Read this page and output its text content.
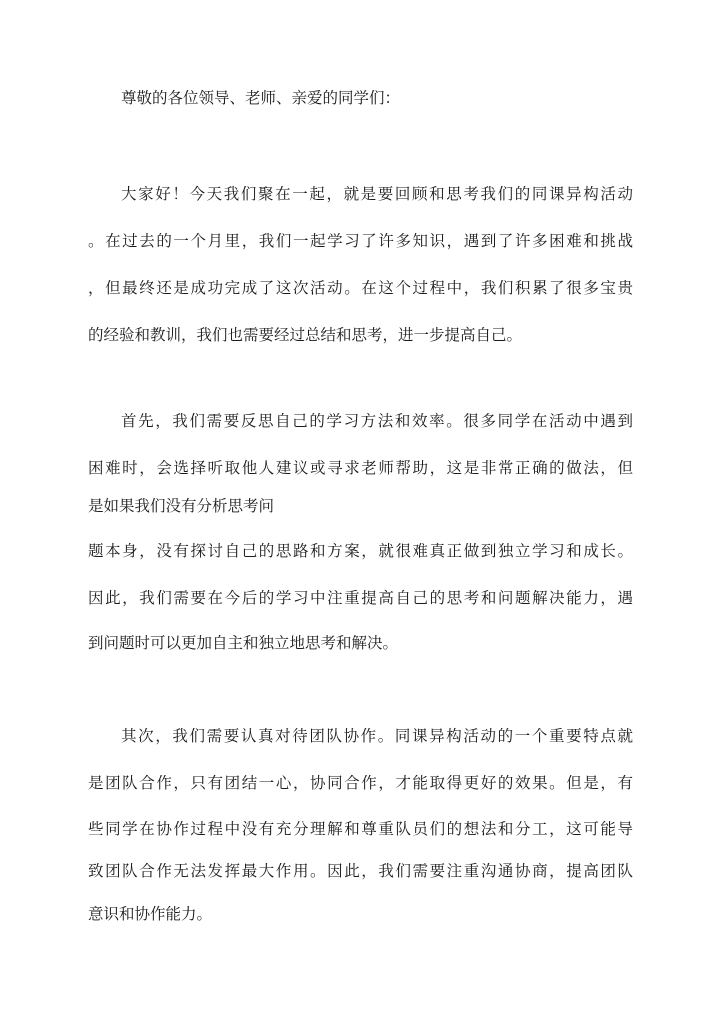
尊敬的各位领导、老师、亲爱的同学们：
大家好！今天我们聚在一起，就是要回顾和思考我们的同课异构活动
。在过去的一个月里，我们一起学习了许多知识，遇到了许多困难和挑战
，但最终还是成功完成了这次活动。在这个过程中，我们积累了很多宝贵
的经验和教训，我们也需要经过总结和思考，进一步提高自己。
首先，我们需要反思自己的学习方法和效率。很多同学在活动中遇到
困难时，会选择听取他人建议或寻求老师帮助，这是非常正确的做法，但
是如果我们没有分析思考问
题本身，没有探讨自己的思路和方案，就很难真正做到独立学习和成长。
因此，我们需要在今后的学习中注重提高自己的思考和问题解决能力，遇
到问题时可以更加自主和独立地思考和解决。
其次，我们需要认真对待团队协作。同课异构活动的一个重要特点就
是团队合作，只有团结一心，协同合作，才能取得更好的效果。但是，有
些同学在协作过程中没有充分理解和尊重队员们的想法和分工，这可能导
致团队合作无法发挥最大作用。因此，我们需要注重沟通协商，提高团队
意识和协作能力。
